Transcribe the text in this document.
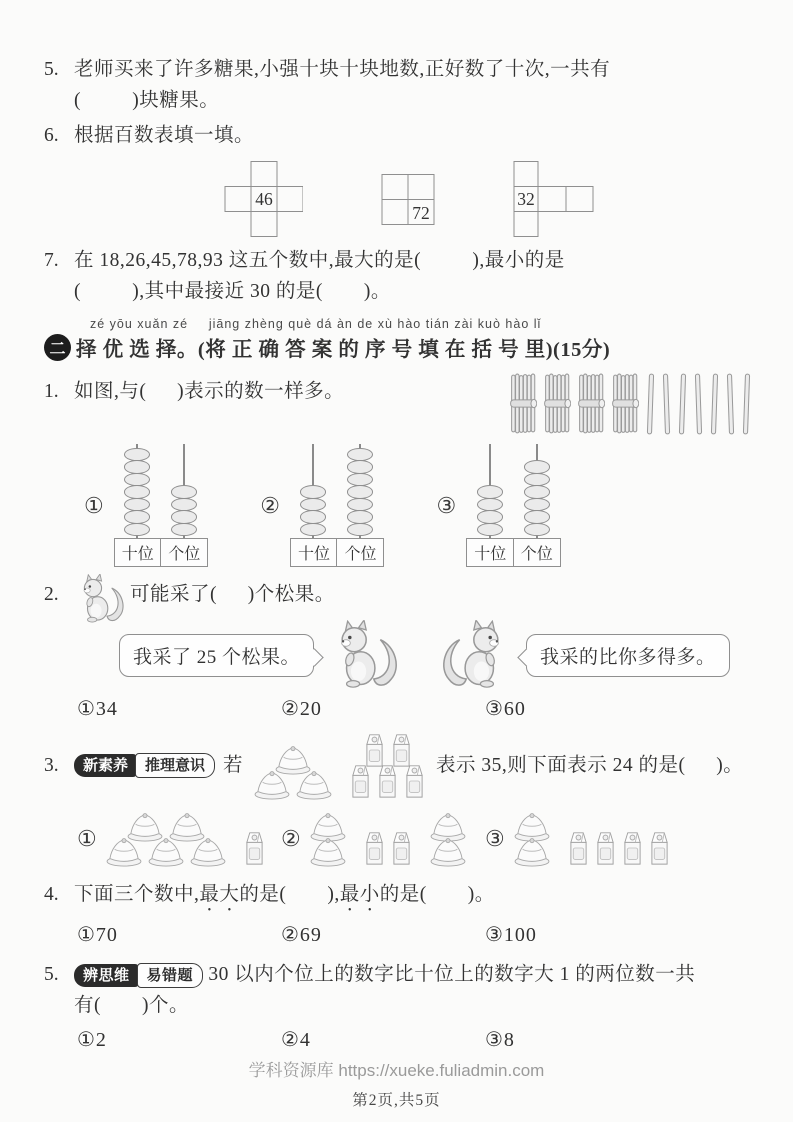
5. 老师买来了许多糖果,小强十块十块地数,正好数了十次,一共有
(     )块糖果。
6. 根据百数表填一填。
46
72
32
7. 在 18,26,45,78,93 这五个数中,最大的是(     ),最小的是
(     ),其中最接近 30 的是(    )。
zé yōu xuǎn zé  jiāng zhèng què dá àn de xù hào tián zài kuò hào lǐ
二 择 优 选 择。(将 正 确 答 案 的 序 号 填 在 括 号 里)(15分)
1. 如图,与(   )表示的数一样多。
①
十位 个位
②
十位 个位
③
十位 个位
2.	可能采了(   )个松果。
我采了 25 个松果。	我采的比你多得多。
①34	②20	③60
3.	新素养	推理意识 若	表示 35,则下面表示 24 的是(   )。
①	②	③
4. 下面三个数中,最大的是(    ),最小的是(    )。
①70	②69	③100
5.	辨思维 易错题 30 以内个位上的数字比十位上的数字大 1 的两位数一共
有(    )个。
①2	②4	③8
学科资源库 https://xueke.fuliadmin.com
第2页,共5页
